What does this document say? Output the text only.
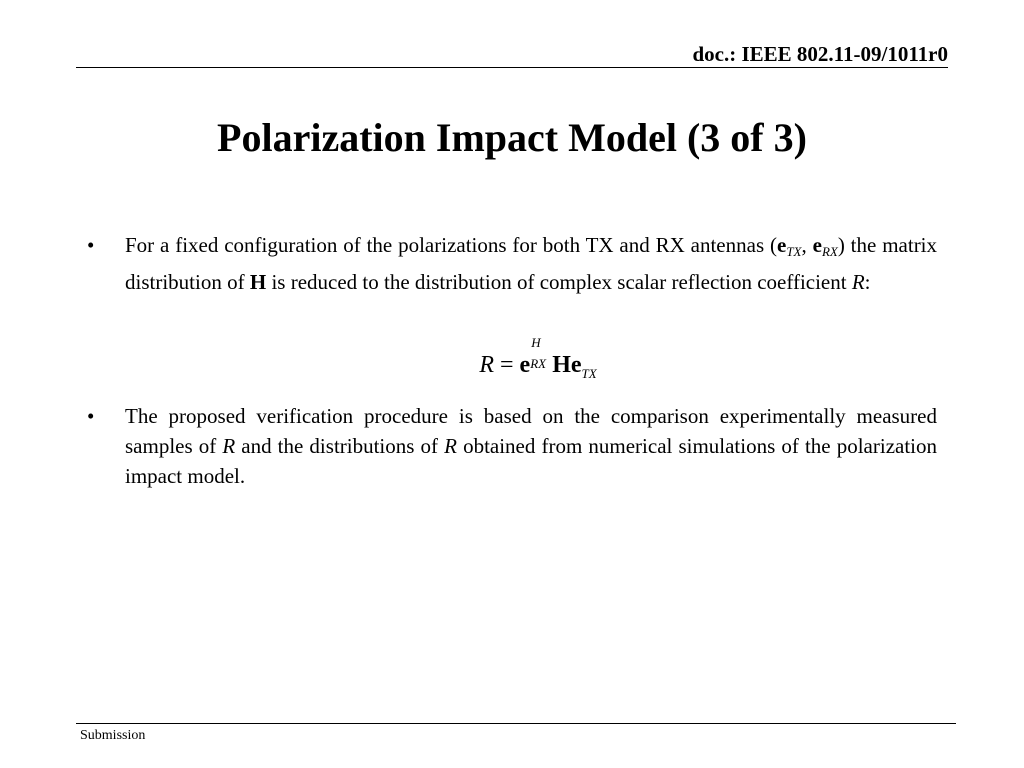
doc.: IEEE 802.11-09/1011r0
Polarization Impact Model (3 of 3)
•	For a fixed configuration of the polarizations for both TX and RX antennas (eTX, eRX) the matrix distribution of H is reduced to the distribution of complex scalar reflection coefficient R:
R = e
H
RX $He_{TX}$
•	The proposed verification procedure is based on the comparison experimentally measured samples of R and the distributions of R obtained from numerical simulations of the polarization impact model.
Submission
